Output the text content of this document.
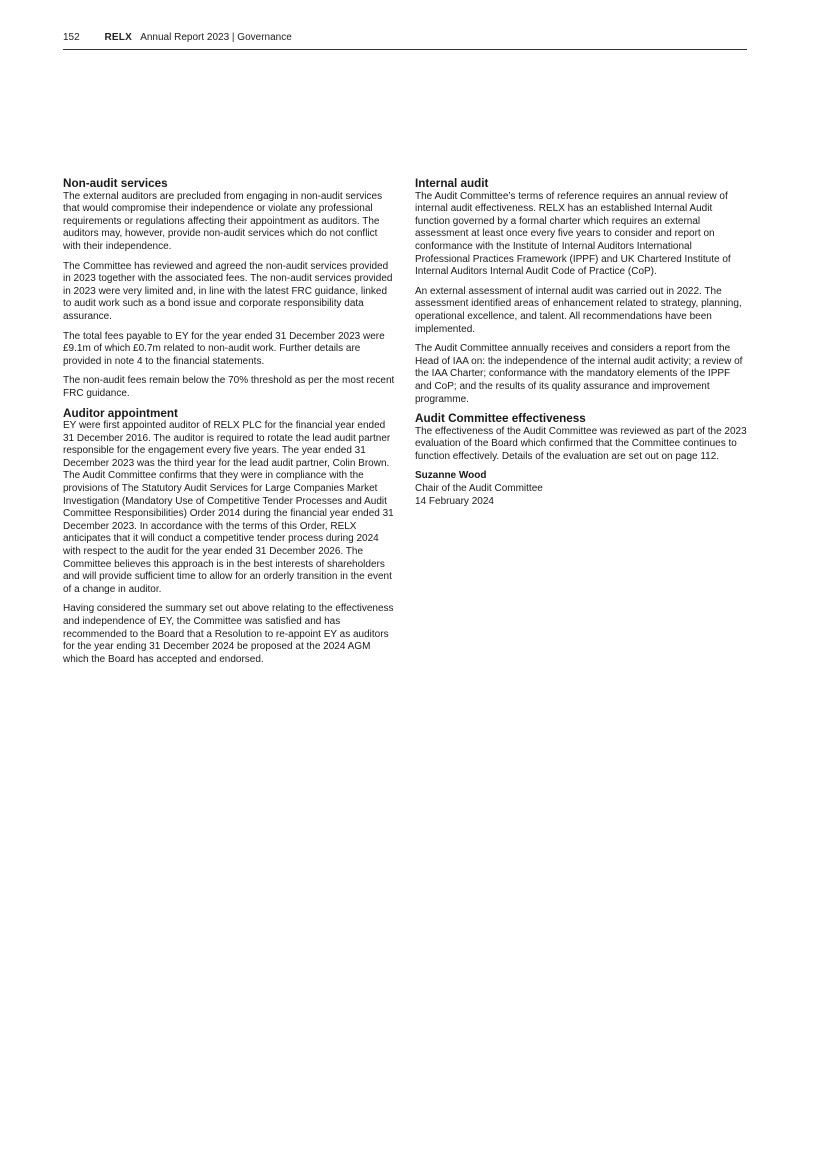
152 RELX Annual Report 2023 | Governance
Non-audit services

The external auditors are precluded from engaging in non-audit services that would compromise their independence or violate any professional requirements or regulations affecting their appointment as auditors. The auditors may, however, provide non-audit services which do not conflict with their independence.

The Committee has reviewed and agreed the non-audit services provided in 2023 together with the associated fees. The non-audit services provided in 2023 were very limited and, in line with the latest FRC guidance, linked to audit work such as a bond issue and corporate responsibility data assurance.

The total fees payable to EY for the year ended 31 December 2023 were £9.1m of which £0.7m related to non-audit work. Further details are provided in note 4 to the financial statements.

The non-audit fees remain below the 70% threshold as per the most recent FRC guidance.

Auditor appointment

EY were first appointed auditor of RELX PLC for the financial year ended 31 December 2016. The auditor is required to rotate the lead audit partner responsible for the engagement every five years. The year ended 31 December 2023 was the third year for the lead audit partner, Colin Brown. The Audit Committee confirms that they were in compliance with the provisions of The Statutory Audit Services for Large Companies Market Investigation (Mandatory Use of Competitive Tender Processes and Audit Committee Responsibilities) Order 2014 during the financial year ended 31 December 2023. In accordance with the terms of this Order, RELX anticipates that it will conduct a competitive tender process during 2024 with respect to the audit for the year ended 31 December 2026. The Committee believes this approach is in the best interests of shareholders and will provide sufficient time to allow for an orderly transition in the event of a change in auditor.

Having considered the summary set out above relating to the effectiveness and independence of EY, the Committee was satisfied and has recommended to the Board that a Resolution to re-appoint EY as auditors for the year ending 31 December 2024 be proposed at the 2024 AGM which the Board has accepted and endorsed.

Internal audit

The Audit Committee’s terms of reference requires an annual review of internal audit effectiveness. RELX has an established Internal Audit function governed by a formal charter which requires an external assessment at least once every five years to consider and report on conformance with the Institute of Internal Auditors International Professional Practices Framework (IPPF) and UK Chartered Institute of Internal Auditors Internal Audit Code of Practice (CoP).

An external assessment of internal audit was carried out in 2022. The assessment identified areas of enhancement related to strategy, planning, operational excellence, and talent. All recommendations have been implemented.

The Audit Committee annually receives and considers a report from the Head of IAA on: the independence of the internal audit activity; a review of the IAA Charter; conformance with the mandatory elements of the IPPF and CoP; and the results of its quality assurance and improvement programme.

Audit Committee effectiveness

The effectiveness of the Audit Committee was reviewed as part of the 2023 evaluation of the Board which confirmed that the Committee continues to function effectively. Details of the evaluation are set out on page 112.

Suzanne Wood

Chair of the Audit Committee

14 February 2024
